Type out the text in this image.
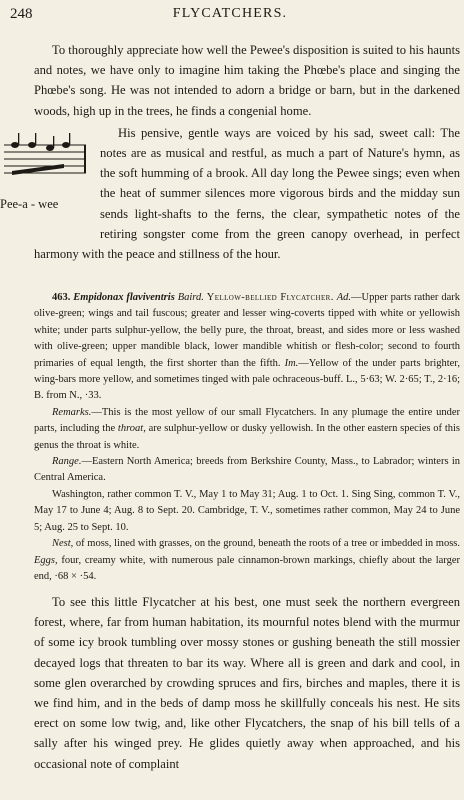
248	FLYCATCHERS.

To thoroughly appreciate how well the Pewee's disposition is suited to his haunts and notes, we have only to imagine him taking the Phœbe's place and singing the Phœbe's song. He was not intended to adorn a bridge or barn, but in the darkened woods, high up in the trees, he finds a congenial home.

Pee-a - wee

His pensive, gentle ways are voiced by his sad, sweet call: The notes are as musical and restful, as much a part of Nature's hymn, as the soft humming of a brook. All day long the Pewee sings; even when the heat of summer silences more vigorous birds and the midday sun sends light-shafts to the ferns, the clear, sympathetic notes of the retiring songster come from the green canopy overhead, in perfect harmony with the peace and stillness of the hour.

463. Empidonax flaviventris Baird. Yellow-bellied Flycatcher. Ad.—Upper parts rather dark olive-green; wings and tail fuscous; greater and lesser wing-coverts tipped with white or yellowish white; under parts sulphur-yellow, the belly pure, the throat, breast, and sides more or less washed with olive-green; upper mandible black, lower mandible whitish or flesh-color; second to fourth primaries of equal length, the first shorter than the fifth. Im.—Yellow of the under parts brighter, wing-bars more yellow, and sometimes tinged with pale ochraceous-buff. L., 5·63; W. 2·65; T., 2·16; B. from N., ·33.

Remarks.—This is the most yellow of our small Flycatchers. In any plumage the entire under parts, including the throat, are sulphur-yellow or dusky yellowish. In the other eastern species of this genus the throat is white.

Range.—Eastern North America; breeds from Berkshire County, Mass., to Labrador; winters in Central America.

Washington, rather common T. V., May 1 to May 31; Aug. 1 to Oct. 1. Sing Sing, common T. V., May 17 to June 4; Aug. 8 to Sept. 20. Cambridge, T. V., sometimes rather common, May 24 to June 5; Aug. 25 to Sept. 10.

Nest, of moss, lined with grasses, on the ground, beneath the roots of a tree or imbedded in moss. Eggs, four, creamy white, with numerous pale cinnamon-brown markings, chiefly about the larger end, ·68 × ·54.

To see this little Flycatcher at his best, one must seek the northern evergreen forest, where, far from human habitation, its mournful notes blend with the murmur of some icy brook tumbling over mossy stones or gushing beneath the still mossier decayed logs that threaten to bar its way. Where all is green and dark and cool, in some glen overarched by crowding spruces and firs, birches and maples, there it is we find him, and in the beds of damp moss he skillfully conceals his nest. He sits erect on some low twig, and, like other Flycatchers, the snap of his bill tells of a sally after his winged prey. He glides quietly away when approached, and his occasional note of complaint
